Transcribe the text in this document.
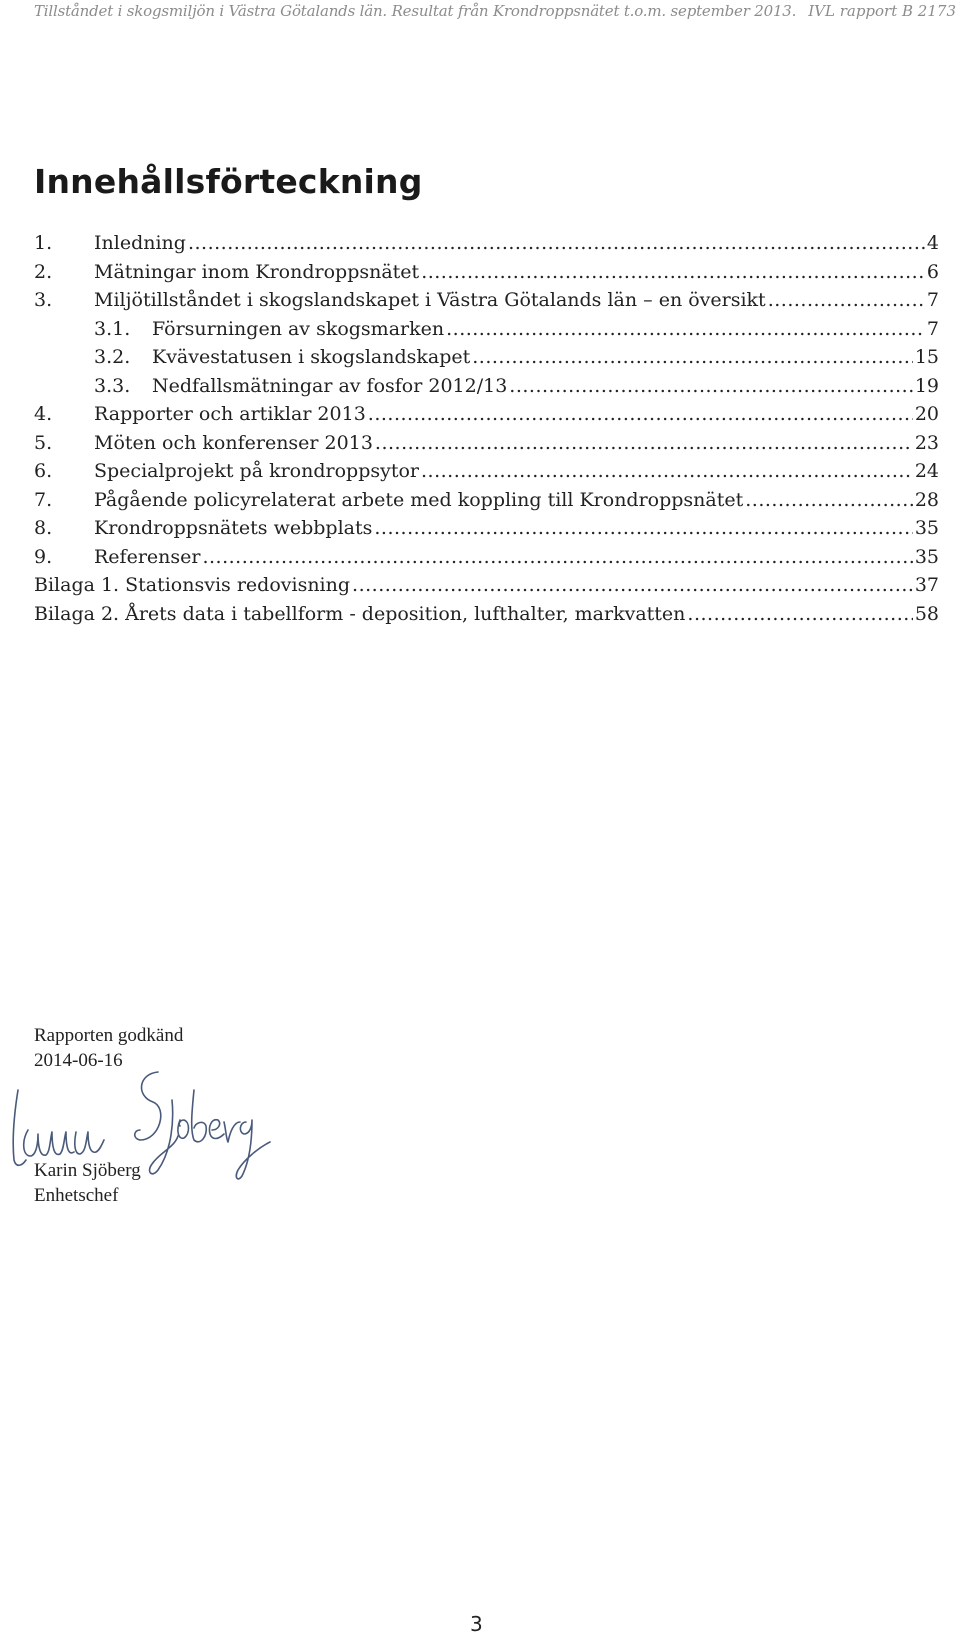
Tillståndet i skogsmiljön i Västra Götalands län. Resultat från Krondroppsnätet t.o.m. september 2013. IVL rapport B 2173
Innehållsförteckning
1.	Inledning .....	4
2.	Mätningar inom Krondroppsnätet .....	6
3.	Miljötillståndet i skogslandskapet i Västra Götalands län – en översikt .....	7
3.1.	Försurningen av skogsmarken .....	7
3.2.	Kvävestatusen i skogslandskapet .....	15
3.3.	Nedfallsmätningar av fosfor 2012/13 .....	19
4.	Rapporter och artiklar 2013 .....	20
5.	Möten och konferenser 2013 .....	23
6.	Specialprojekt på krondroppsytor .....	24
7.	Pågående policyrelaterat arbete med koppling till Krondroppsnätet .....	28
8.	Krondroppsnätets webbplats .....	35
9.	Referenser .....	35
Bilaga 1. Stationsvis redovisning .....	37
Bilaga 2. Årets data i tabellform - deposition, lufthalter, markvatten .....	58
Rapporten godkänd
2014-06-16
Karin Sjöberg
Enhetschef
3
